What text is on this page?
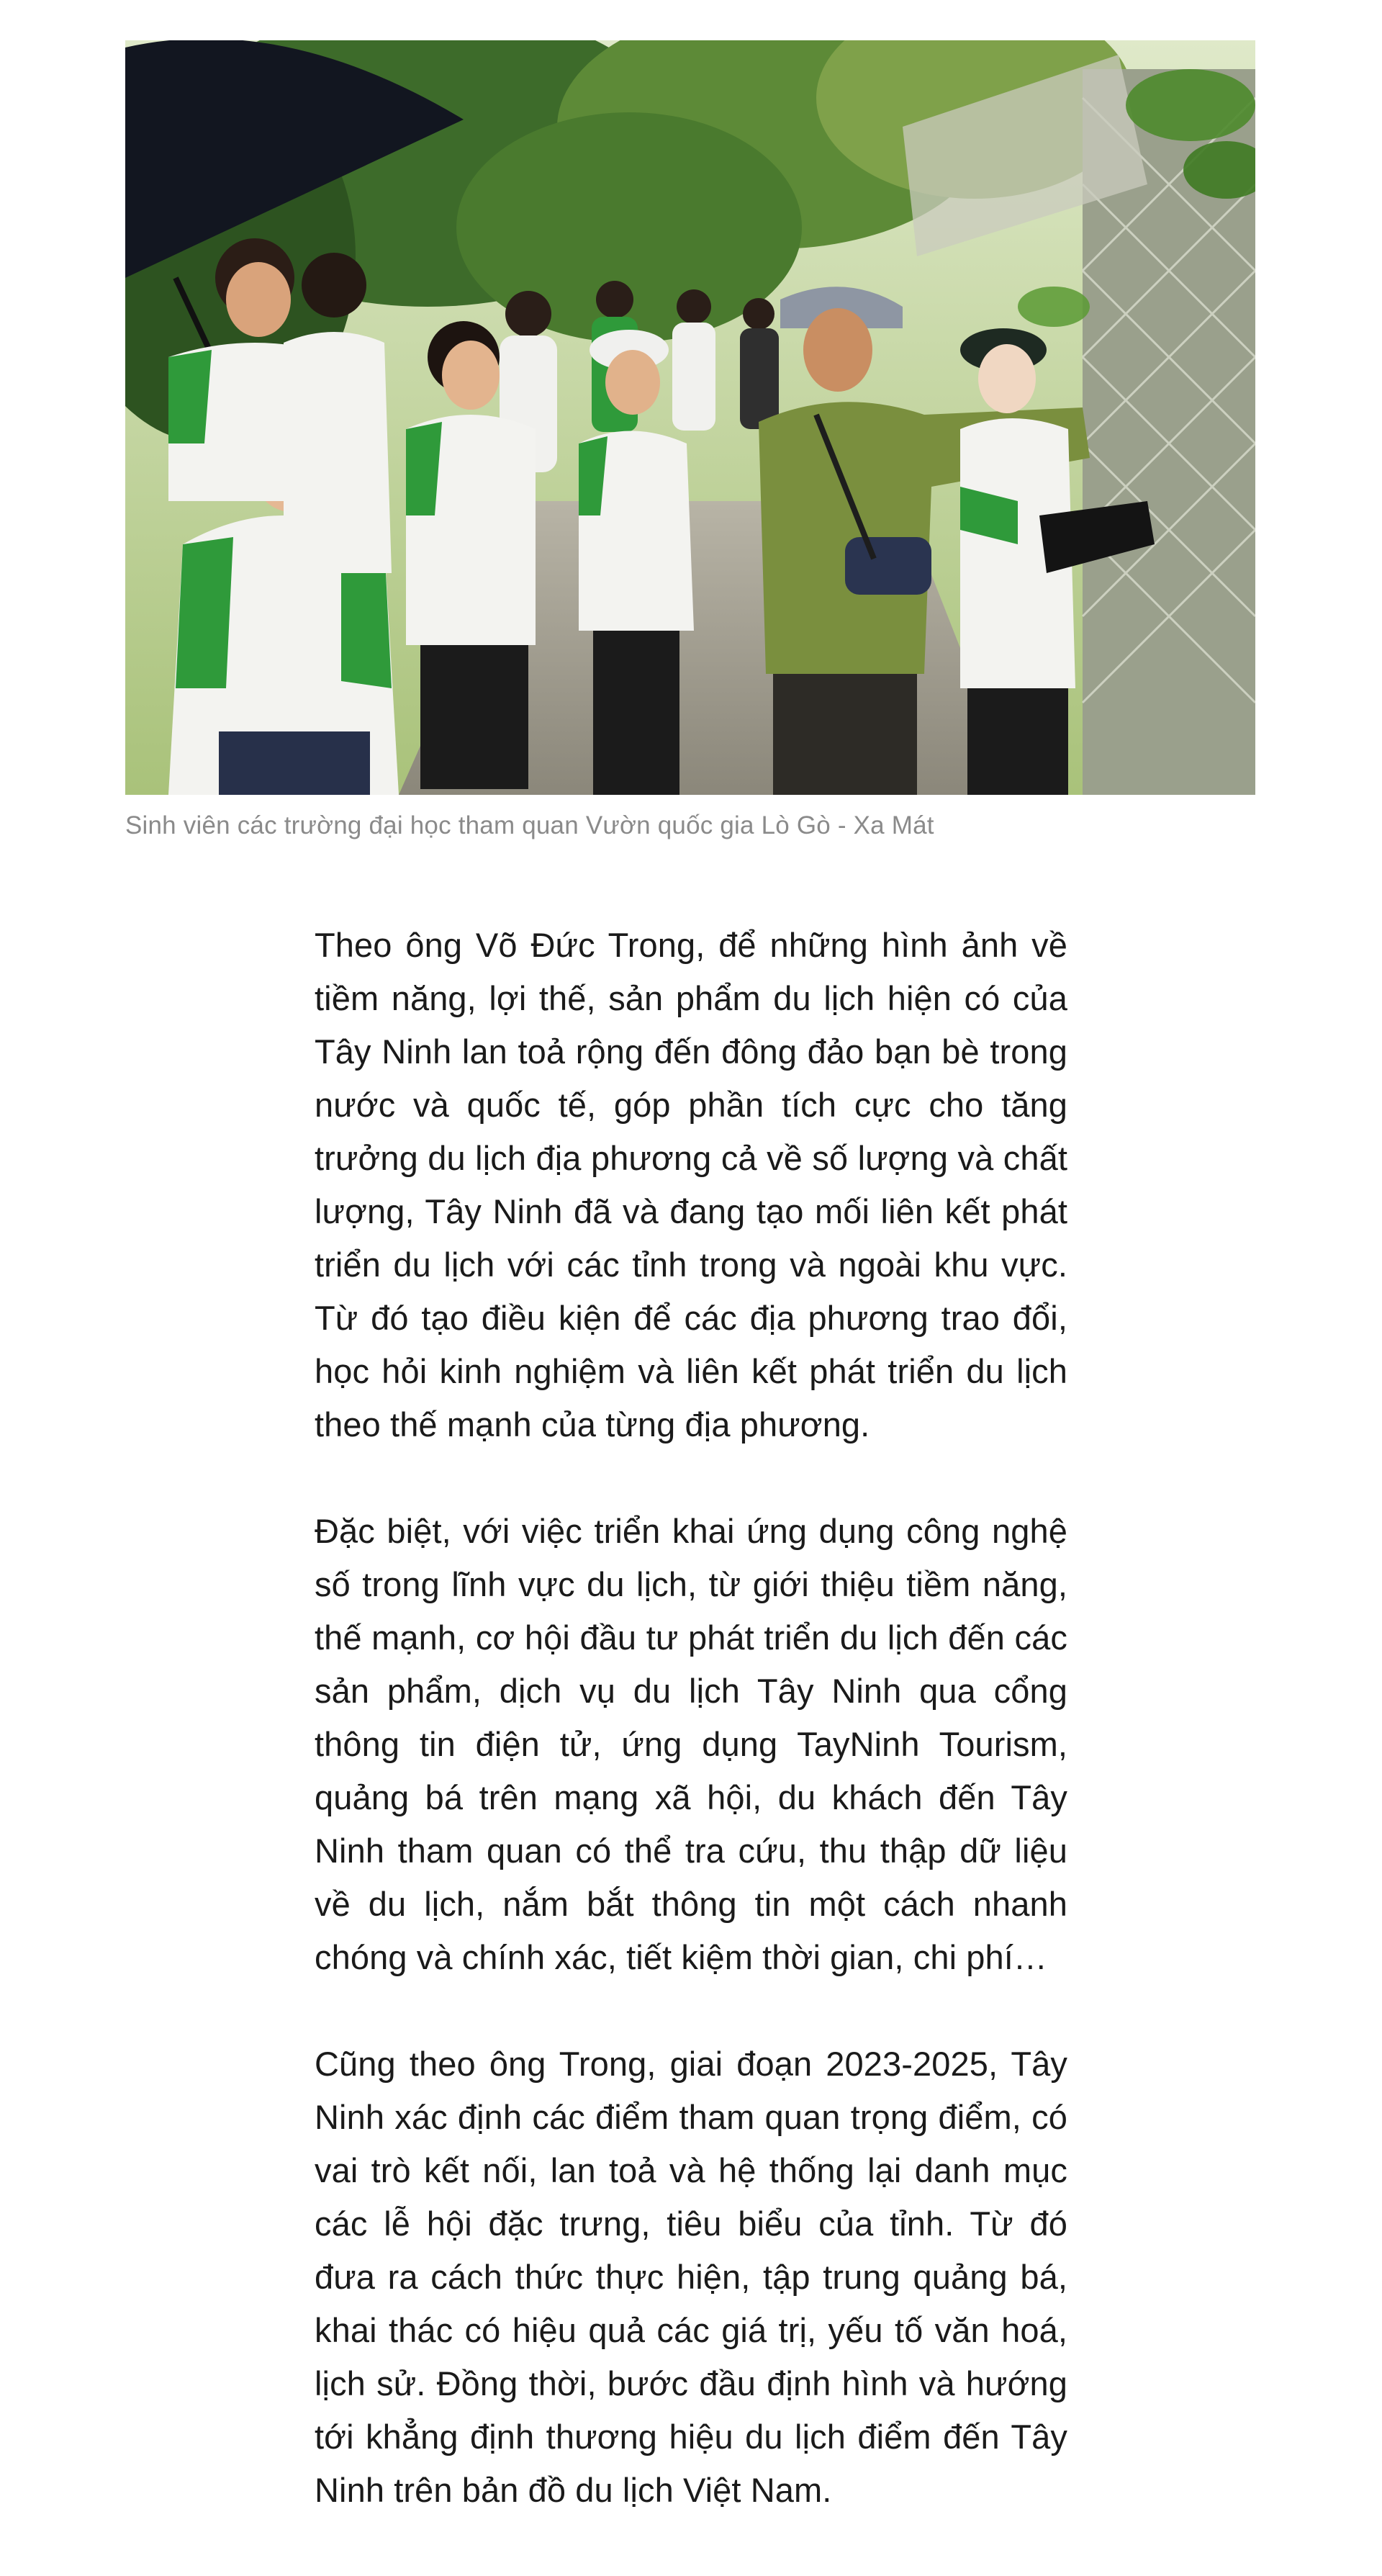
Sinh viên các trường đại học tham quan Vườn quốc gia Lò Gò - Xa Mát

Theo ông Võ Đức Trong, để những hình ảnh về tiềm năng, lợi thế, sản phẩm du lịch hiện có của Tây Ninh lan toả rộng đến đông đảo bạn bè trong nước và quốc tế, góp phần tích cực cho tăng trưởng du lịch địa phương cả về số lượng và chất lượng, Tây Ninh đã và đang tạo mối liên kết phát triển du lịch với các tỉnh trong và ngoài khu vực. Từ đó tạo điều kiện để các địa phương trao đổi, học hỏi kinh nghiệm và liên kết phát triển du lịch theo thế mạnh của từng địa phương.

Đặc biệt, với việc triển khai ứng dụng công nghệ số trong lĩnh vực du lịch, từ giới thiệu tiềm năng, thế mạnh, cơ hội đầu tư phát triển du lịch đến các sản phẩm, dịch vụ du lịch Tây Ninh qua cổng thông tin điện tử, ứng dụng TayNinh Tourism, quảng bá trên mạng xã hội, du khách đến Tây Ninh tham quan có thể tra cứu, thu thập dữ liệu về du lịch, nắm bắt thông tin một cách nhanh chóng và chính xác, tiết kiệm thời gian, chi phí…

Cũng theo ông Trong, giai đoạn 2023-2025, Tây Ninh xác định các điểm tham quan trọng điểm, có vai trò kết nối, lan toả và hệ thống lại danh mục các lễ hội đặc trưng, tiêu biểu của tỉnh. Từ đó đưa ra cách thức thực hiện, tập trung quảng bá, khai thác có hiệu quả các giá trị, yếu tố văn hoá, lịch sử. Đồng thời, bước đầu định hình và hướng tới khẳng định thương hiệu du lịch điểm đến Tây Ninh trên bản đồ du lịch Việt Nam.
